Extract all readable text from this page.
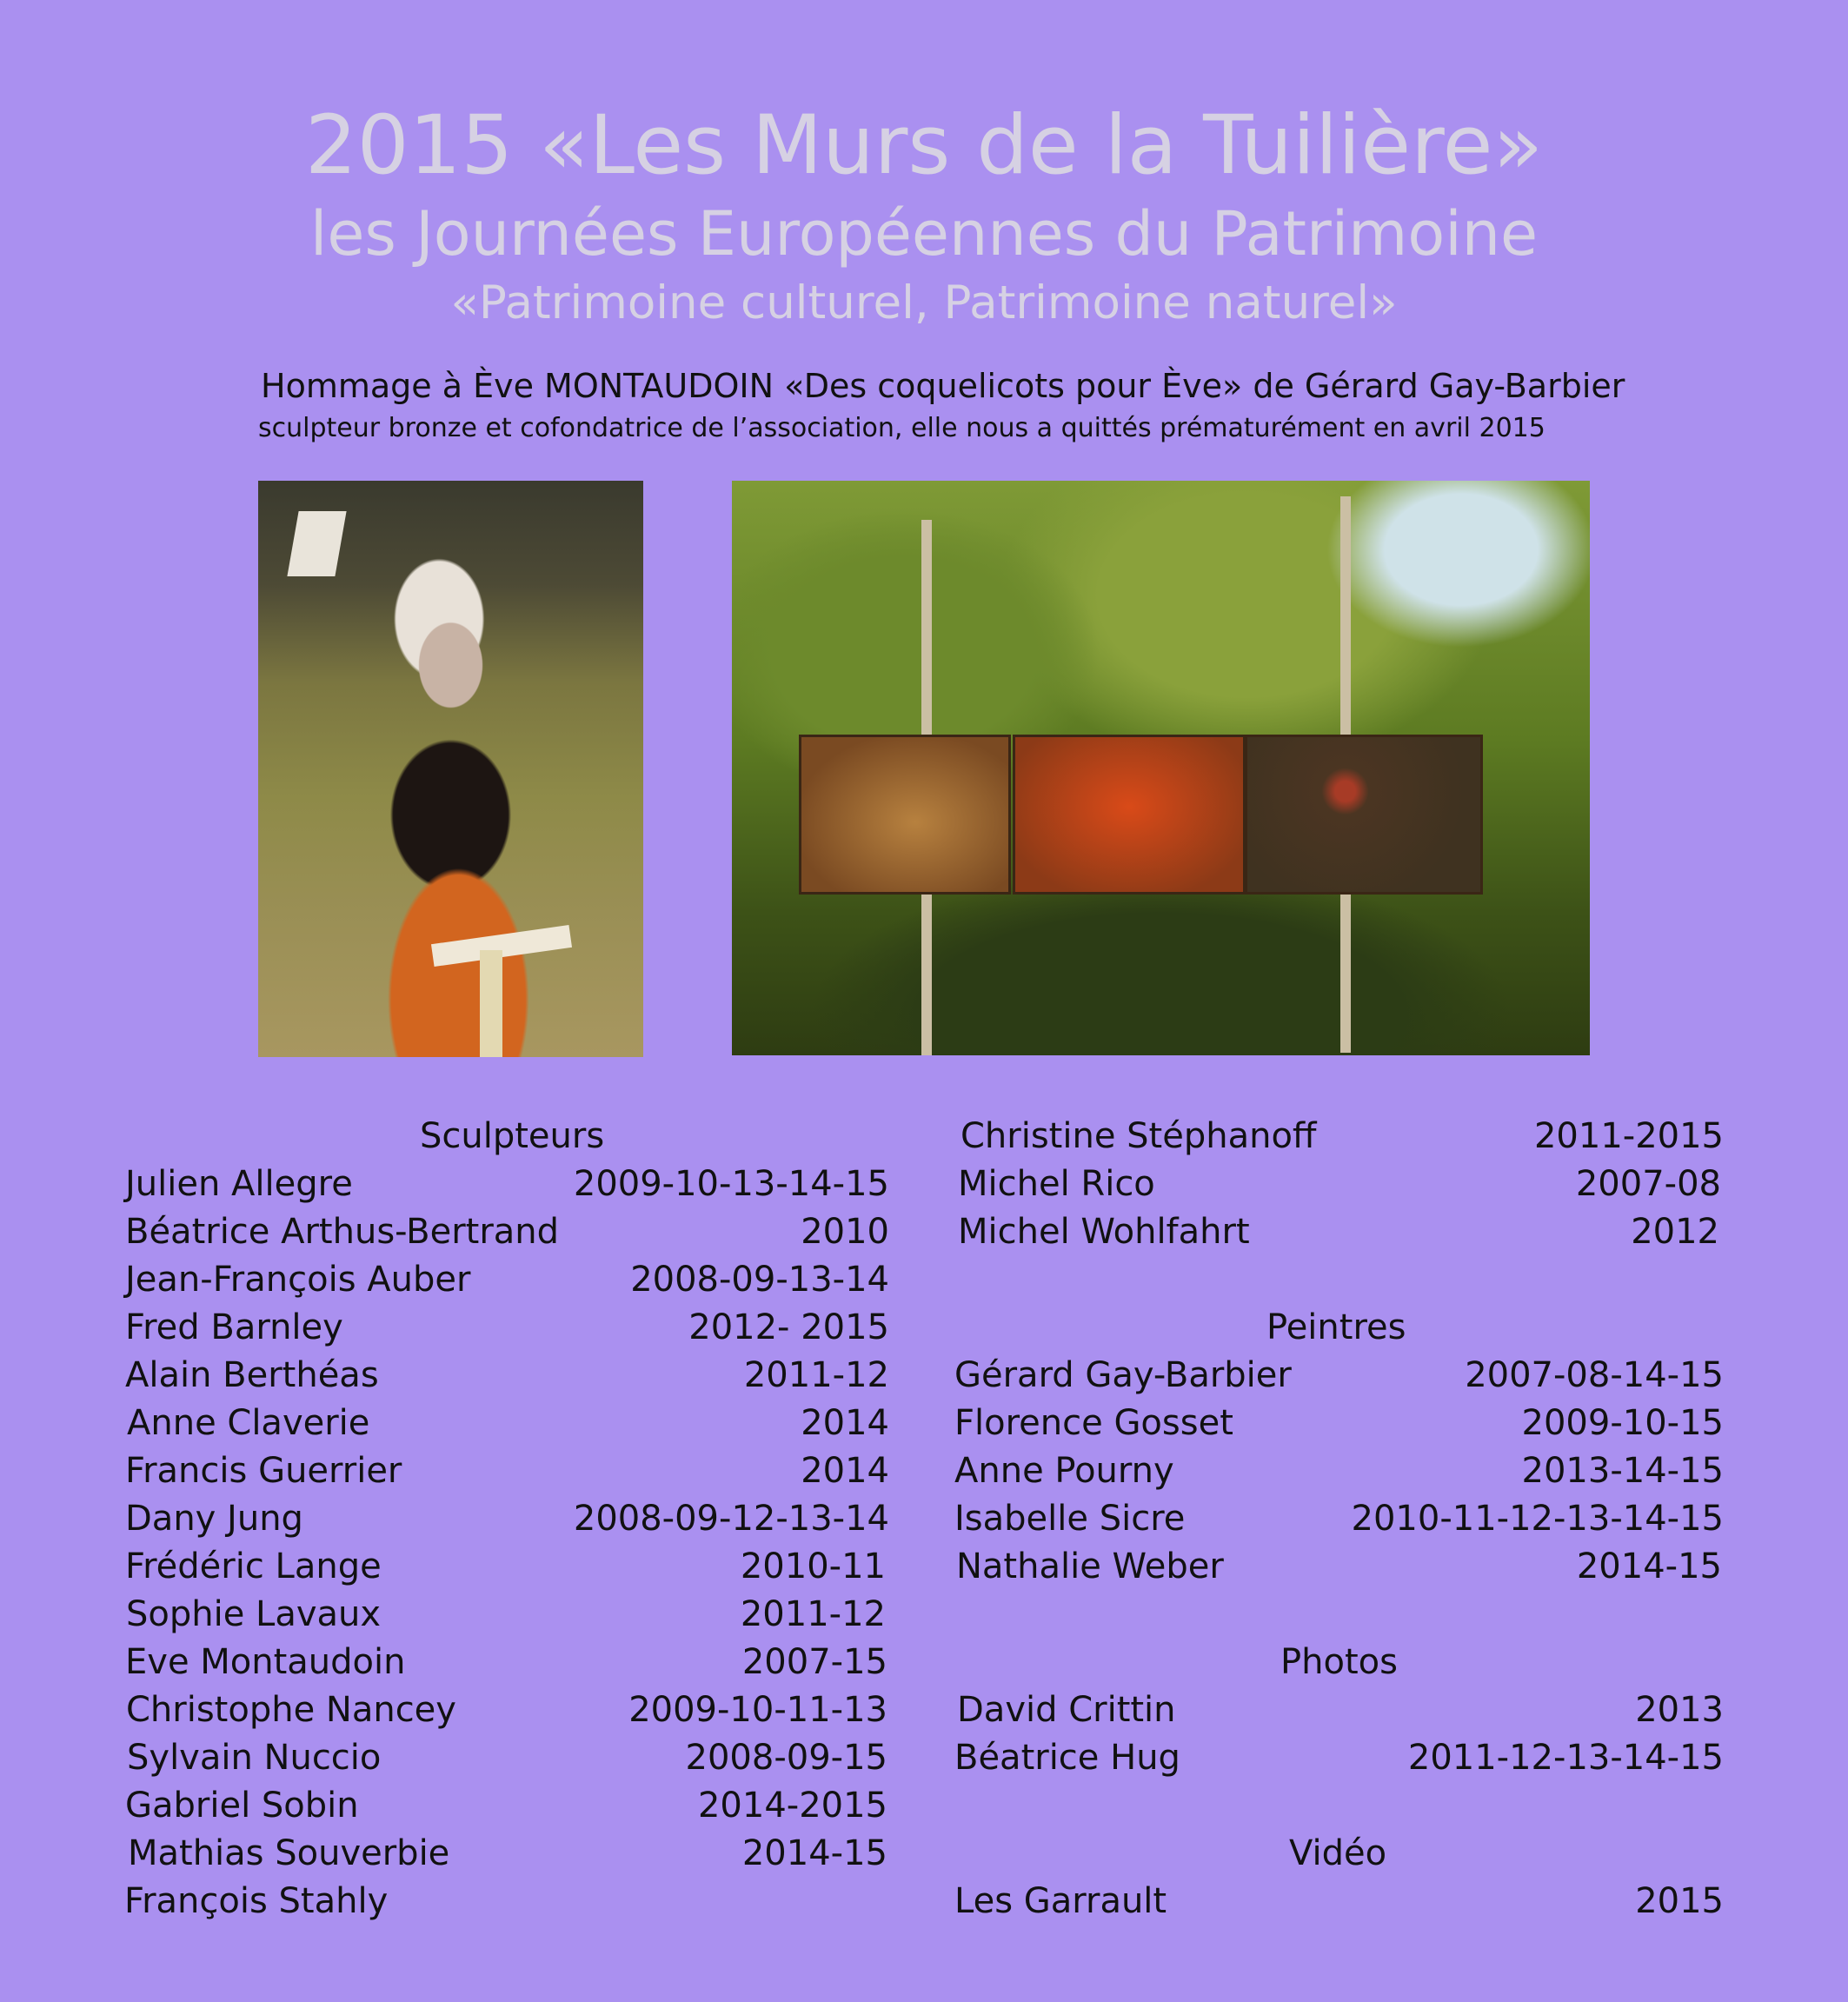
2015 «Les Murs de la Tuilière»
les Journées Européennes du Patrimoine
«Patrimoine culturel, Patrimoine naturel»
Hommage à Ève MONTAUDOIN «Des coquelicots pour Ève» de Gérard Gay-Barbier
sculpteur bronze et cofondatrice de l’association, elle nous a quittés prématurément en avril 2015
Sculpteurs
Julien Allegre	2009-10-13-14-15
Béatrice Arthus-Bertrand	2010
Jean-François Auber	2008-09-13-14
Fred Barnley	2012- 2015
Alain Berthéas	2011-12
Anne Claverie	2014
Francis Guerrier	2014
Dany Jung	2008-09-12-13-14
Frédéric Lange	2010-11
Sophie Lavaux	2011-12
Eve Montaudoin	2007-15
Christophe Nancey	2009-10-11-13
Sylvain Nuccio	2008-09-15
Gabriel Sobin	2014-2015
Mathias Souverbie	2014-15
François Stahly
Christine Stéphanoff	2011-2015
Michel Rico	2007-08
Michel Wohlfahrt	2012
Peintres
Gérard Gay-Barbier	2007-08-14-15
Florence Gosset	2009-10-15
Anne Pourny	2013-14-15
Isabelle Sicre	2010-11-12-13-14-15
Nathalie Weber	2014-15
Photos
David Crittin	2013
Béatrice Hug	2011-12-13-14-15
Vidéo
Les Garrault	2015
